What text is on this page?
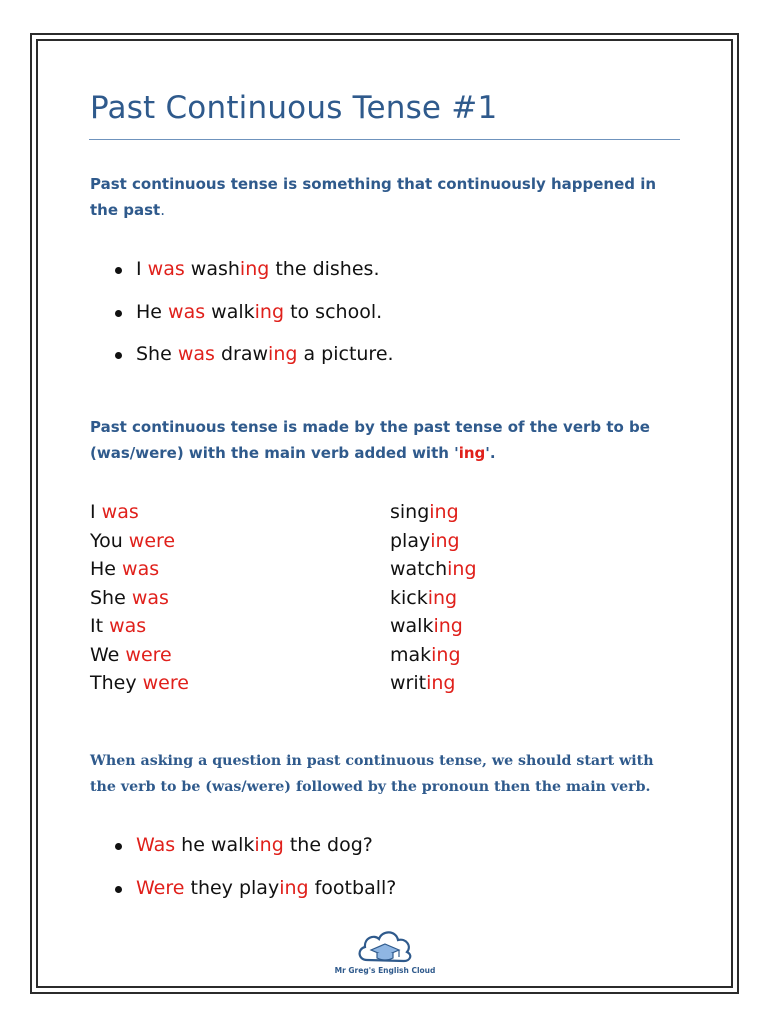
Past Continuous Tense #1
Past continuous tense is something that continuously happened in the past.
I was washing the dishes.
He was walking to school.
She was drawing a picture.
Past continuous tense is made by the past tense of the verb to be (was/were) with the main verb added with 'ing'.
I was	singing
You were	playing
He was	watching
She was	kicking
It was	walking
We were	making
They were	writing
When asking a question in past continuous tense, we should start with the verb to be (was/were) followed by the pronoun then the main verb.
Was he walking the dog?
Were they playing football?
Mr Greg's English Cloud
